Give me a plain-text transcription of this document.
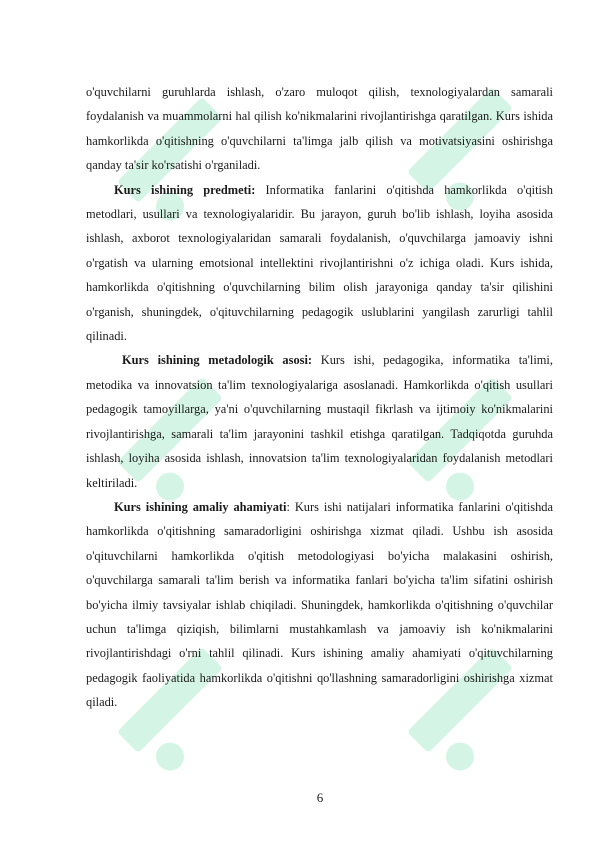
o'quvchilarni guruhlarda ishlash, o'zaro muloqot qilish, texnologiyalardan samarali foydalanish va muammolarni hal qilish ko'nikmalarini rivojlantirishga qaratilgan. Kurs ishida hamkorlikda o'qitishning o'quvchilarni ta'limga jalb qilish va motivatsiyasini oshirishga qanday ta'sir ko'rsatishi o'rganiladi.

Kurs ishining predmeti: Informatika fanlarini o'qitishda hamkorlikda o'qitish metodlari, usullari va texnologiyalaridir. Bu jarayon, guruh bo'lib ishlash, loyiha asosida ishlash, axborot texnologiyalaridan samarali foydalanish, o'quvchilarga jamoaviy ishni o'rgatish va ularning emotsional intellektini rivojlantirishni o'z ichiga oladi. Kurs ishida, hamkorlikda o'qitishning o'quvchilarning bilim olish jarayoniga qanday ta'sir qilishini o'rganish, shuningdek, o'qituvchilarning pedagogik uslublarini yangilash zarurligi tahlil qilinadi.

Kurs ishining metadologik asosi: Kurs ishi, pedagogika, informatika ta'limi, metodika va innovatsion ta'lim texnologiyalariga asoslanadi. Hamkorlikda o'qitish usullari pedagogik tamoyillarga, ya'ni o'quvchilarning mustaqil fikrlash va ijtimoiy ko'nikmalarini rivojlantirishga, samarali ta'lim jarayonini tashkil etishga qaratilgan. Tadqiqotda guruhda ishlash, loyiha asosida ishlash, innovatsion ta'lim texnologiyalaridan foydalanish metodlari keltiriladi.

Kurs ishining amaliy ahamiyati: Kurs ishi natijalari informatika fanlarini o'qitishda hamkorlikda o'qitishning samaradorligini oshirishga xizmat qiladi. Ushbu ish asosida o'qituvchilarni hamkorlikda o'qitish metodologiyasi bo'yicha malakasini oshirish, o'quvchilarga samarali ta'lim berish va informatika fanlari bo'yicha ta'lim sifatini oshirish bo'yicha ilmiy tavsiyalar ishlab chiqiladi. Shuningdek, hamkorlikda o'qitishning o'quvchilar uchun ta'limga qiziqish, bilimlarni mustahkamlash va jamoaviy ish ko'nikmalarini rivojlantirishdagi o'rni tahlil qilinadi. Kurs ishining amaliy ahamiyati o'qituvchilarning pedagogik faoliyatida hamkorlikda o'qitishni qo'llashning samaradorligini oshirishga xizmat qiladi.

6
